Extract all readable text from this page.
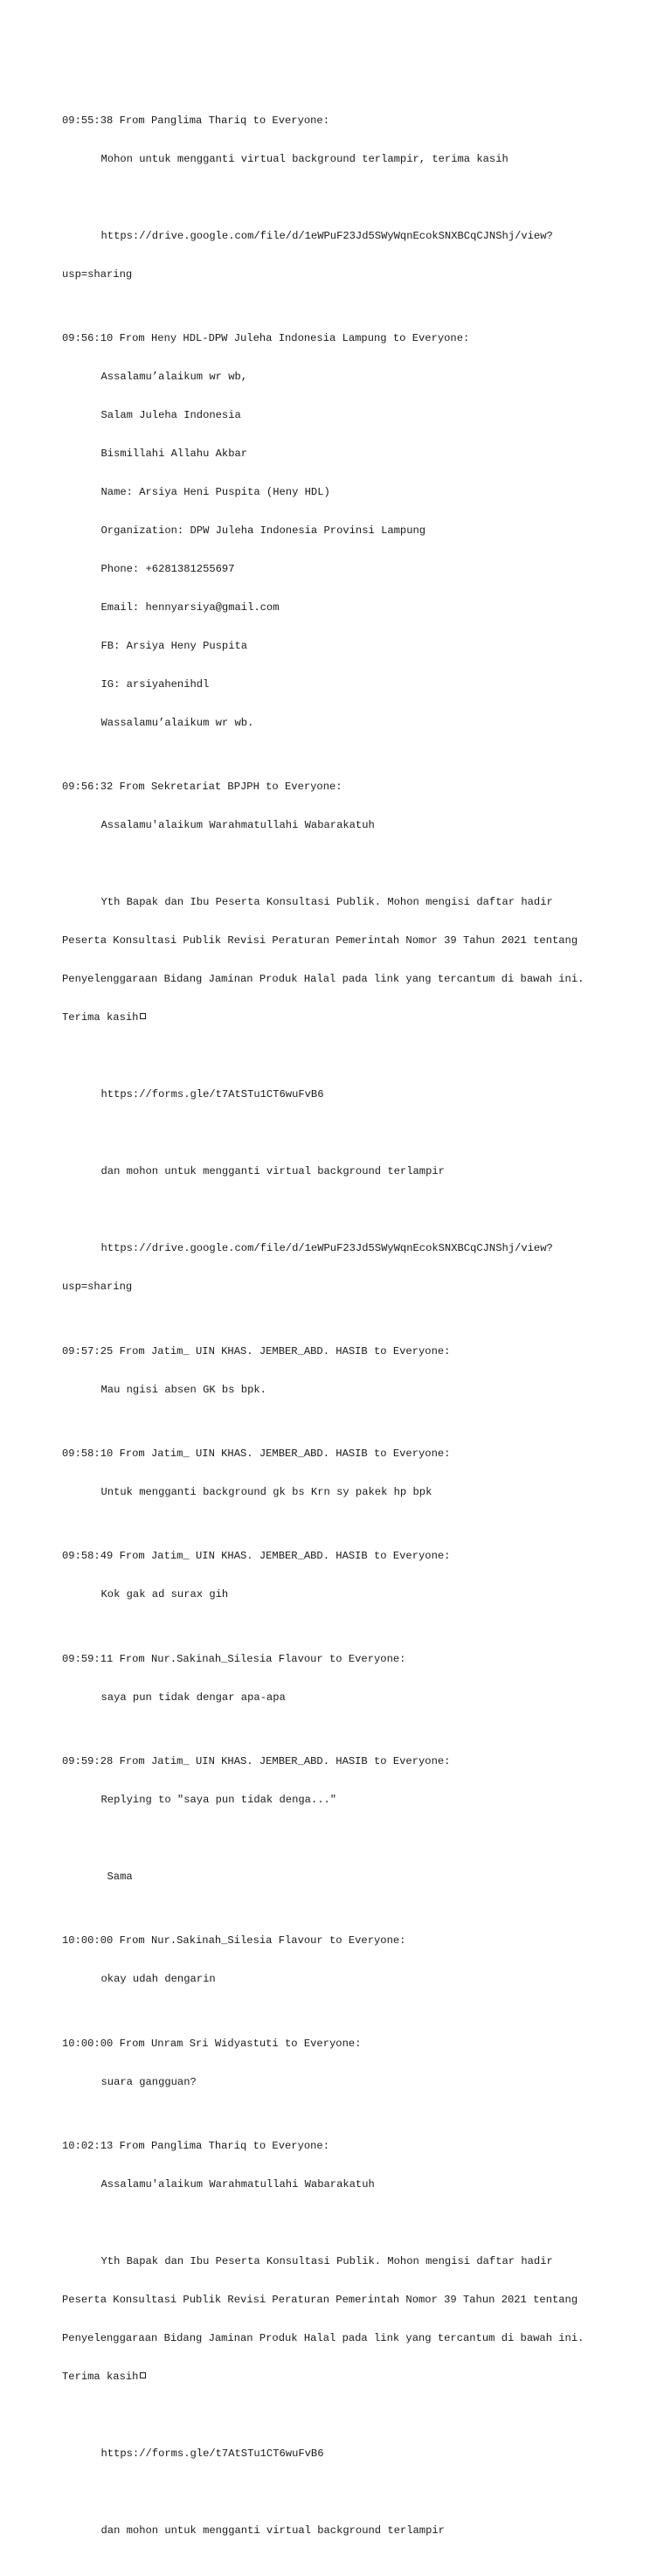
09:55:38 From Panglima Thariq to Everyone:

Mohon untuk mengganti virtual background terlampir, terima kasih

https://drive.google.com/file/d/1eWPuF23Jd5SWyWqnEcokSNXBCqCJNShj/view?

usp=sharing

09:56:10 From Heny HDL-DPW Juleha Indonesia Lampung to Everyone:

Assalamu’alaikum wr wb,

Salam Juleha Indonesia

Bismillahi Allahu Akbar

Name: Arsiya Heni Puspita (Heny HDL)

Organization: DPW Juleha Indonesia Provinsi Lampung

Phone: +6281381255697

Email: hennyarsiya@gmail.com

FB: Arsiya Heny Puspita

IG: arsiyahenihdl

Wassalamu’alaikum wr wb.

09:56:32 From Sekretariat BPJPH to Everyone:

Assalamu'alaikum Warahmatullahi Wabarakatuh

Yth Bapak dan Ibu Peserta Konsultasi Publik. Mohon mengisi daftar hadir

Peserta Konsultasi Publik Revisi Peraturan Pemerintah Nomor 39 Tahun 2021 tentang

Penyelenggaraan Bidang Jaminan Produk Halal pada link yang tercantum di bawah ini.

Terima kasih

https://forms.gle/t7AtSTu1CT6wuFvB6

dan mohon untuk mengganti virtual background terlampir

https://drive.google.com/file/d/1eWPuF23Jd5SWyWqnEcokSNXBCqCJNShj/view?

usp=sharing

09:57:25 From Jatim_ UIN KHAS. JEMBER_ABD. HASIB to Everyone:

Mau ngisi absen GK bs bpk.

09:58:10 From Jatim_ UIN KHAS. JEMBER_ABD. HASIB to Everyone:

Untuk mengganti background gk bs Krn sy pakek hp bpk

09:58:49 From Jatim_ UIN KHAS. JEMBER_ABD. HASIB to Everyone:

Kok gak ad surax gih

09:59:11 From Nur.Sakinah_Silesia Flavour to Everyone:

saya pun tidak dengar apa-apa

09:59:28 From Jatim_ UIN KHAS. JEMBER_ABD. HASIB to Everyone:

Replying to "saya pun tidak denga..."

Sama

10:00:00 From Nur.Sakinah_Silesia Flavour to Everyone:

okay udah dengarin

10:00:00 From Unram Sri Widyastuti to Everyone:

suara gangguan?

10:02:13 From Panglima Thariq to Everyone:

Assalamu'alaikum Warahmatullahi Wabarakatuh

Yth Bapak dan Ibu Peserta Konsultasi Publik. Mohon mengisi daftar hadir

Peserta Konsultasi Publik Revisi Peraturan Pemerintah Nomor 39 Tahun 2021 tentang

Penyelenggaraan Bidang Jaminan Produk Halal pada link yang tercantum di bawah ini.

Terima kasih

https://forms.gle/t7AtSTu1CT6wuFvB6

dan mohon untuk mengganti virtual background terlampir
